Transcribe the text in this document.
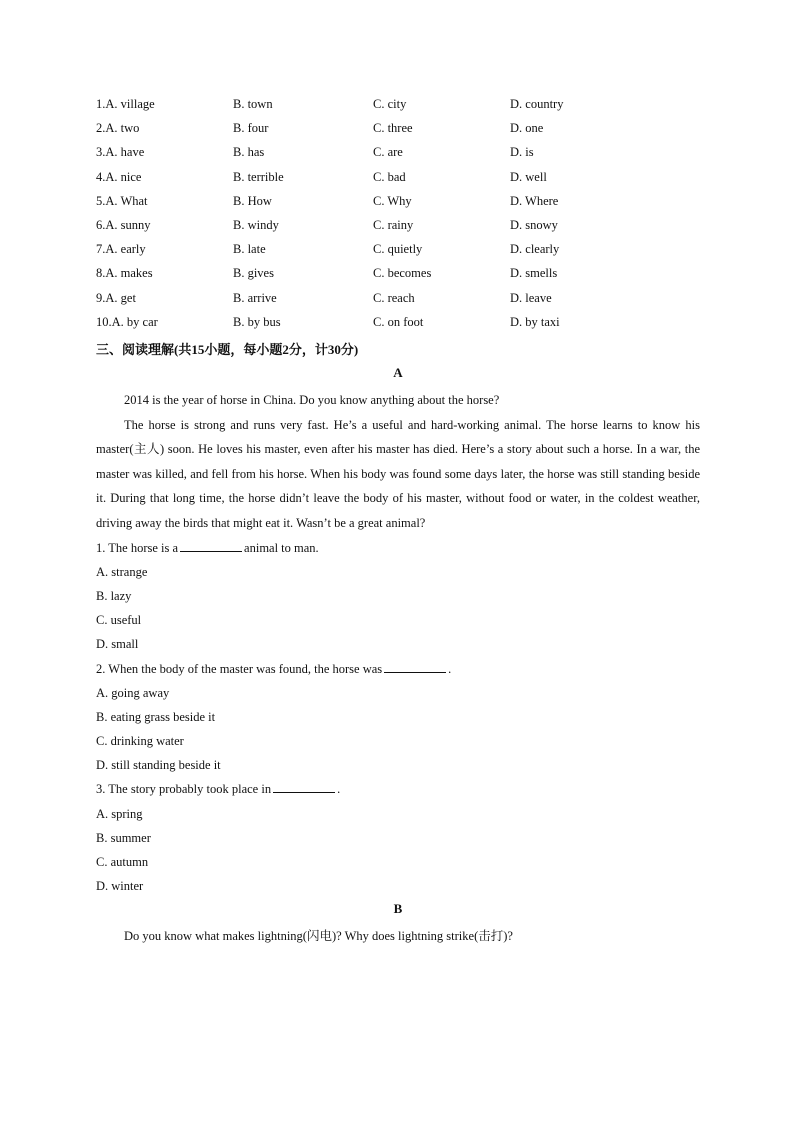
1.A. village	B. town	C. city	D. country
2.A. two	B. four	C. three	D. one
3.A. have	B. has	C. are	D. is
4.A. nice	B. terrible	C. bad	D. well
5.A. What	B. How	C. Why	D. Where
6.A. sunny	B. windy	C. rainy	D. snowy
7.A. early	B. late	C. quietly	D. clearly
8.A. makes	B. gives	C. becomes	D. smells
9.A. get	B. arrive	C. reach	D. leave
10.A. by car	B. by bus	C. on foot	D. by taxi
三、阅读理解(共15小题，每小题2分，计30分)
A

2014 is the year of horse in China. Do you know anything about the horse?

The horse is strong and runs very fast. He’s a useful and hard-working animal. The horse learns to know his master(主人) soon. He loves his master, even after his master has died. Here’s a story about such a horse. In a war, the master was killed, and fell from his horse. When his body was found some days later, the horse was still standing beside it. During that long time, the horse didn’t leave the body of his master, without food or water, in the coldest weather, driving away the birds that might eat it. Wasn’t be a great animal?

1. The horse is a	animal to man.
A. strange
B. lazy
C. useful
D. small
2. When the body of the master was found, the horse was	.
A. going away
B. eating grass beside it
C. drinking water
D. still standing beside it
3. The story probably took place in	.
A. spring
B. summer
C. autumn
D. winter
B

Do you know what makes lightning(闪电)? Why does lightning strike(击打)?
